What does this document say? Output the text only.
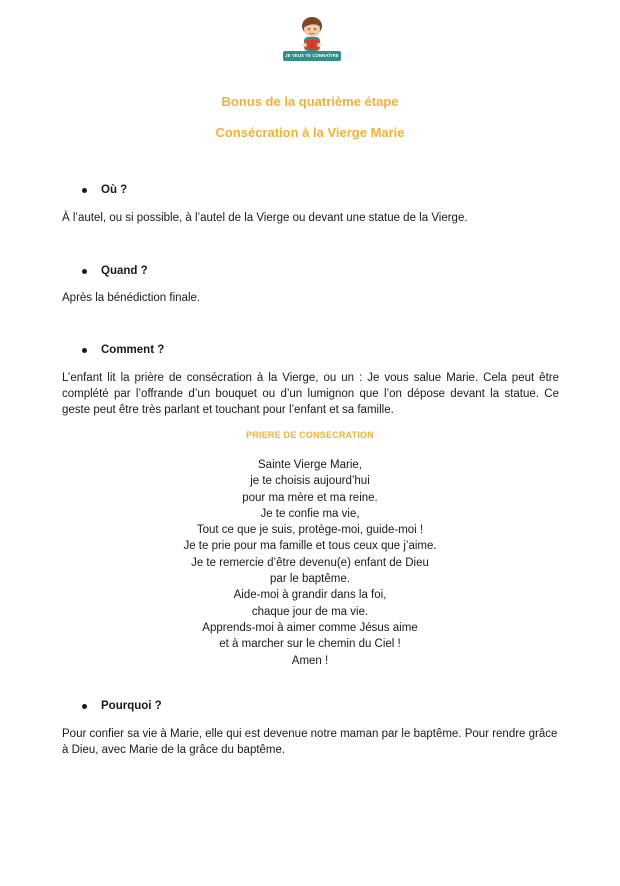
JE VEUX TE CONNAÎTRE
Bonus de la quatrième étape
Consécration à la Vierge Marie
Où ?
À l’autel, ou si possible, à l’autel de la Vierge ou devant une statue de la Vierge.
Quand ?
Après la bénédiction finale.
Comment ?
L’enfant lit la prière de consécration à la Vierge, ou un : Je vous salue Marie. Cela peut être complété par l’offrande d’un bouquet ou d’un lumignon que l’on dépose devant la statue. Ce geste peut être très parlant et touchant pour l’enfant et sa famille.
PRIERE DE CONSECRATION
Sainte Vierge Marie,
je te choisis aujourd’hui
pour ma mère et ma reine.
Je te confie ma vie,
Tout ce que je suis, protège-moi, guide-moi !
Je te prie pour ma famille et tous ceux que j’aime.
Je te remercie d’être devenu(e) enfant de Dieu
par le baptême.
Aide-moi à grandir dans la foi,
chaque jour de ma vie.
Apprends-moi à aimer comme Jésus aime
et à marcher sur le chemin du Ciel !
Amen !
Pourquoi ?
Pour confier sa vie à Marie, elle qui est devenue notre maman par le baptême. Pour rendre grâce à Dieu, avec Marie de la grâce du baptême.
